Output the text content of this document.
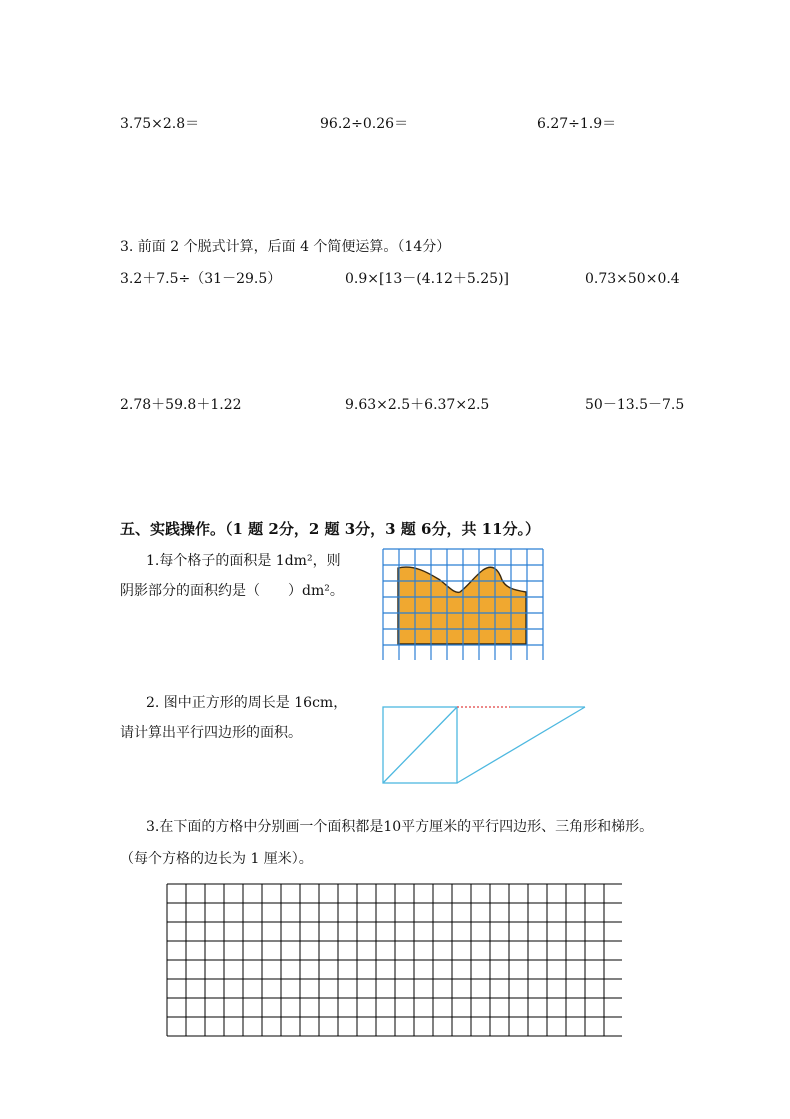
3.75×2.8＝	96.2÷0.26＝	6.27÷1.9＝
3. 前面 2 个脱式计算，后面 4 个简便运算。（14分）
3.2＋7.5÷（31－29.5）	0.9×[13－(4.12＋5.25)]	0.73×50×0.4
2.78＋59.8＋1.22	9.63×2.5＋6.37×2.5	50－13.5－7.5
五、实践操作。（1 题 2分，2 题 3分，3 题 6分，共 11分。）
1.每个格子的面积是 1dm²，则
阴影部分的面积约是（　　）dm²。
2. 图中正方形的周长是 16cm，
请计算出平行四边形的面积。
3.在下面的方格中分别画一个面积都是10平方厘米的平行四边形、三角形和梯形。
（每个方格的边长为 1 厘米）。
